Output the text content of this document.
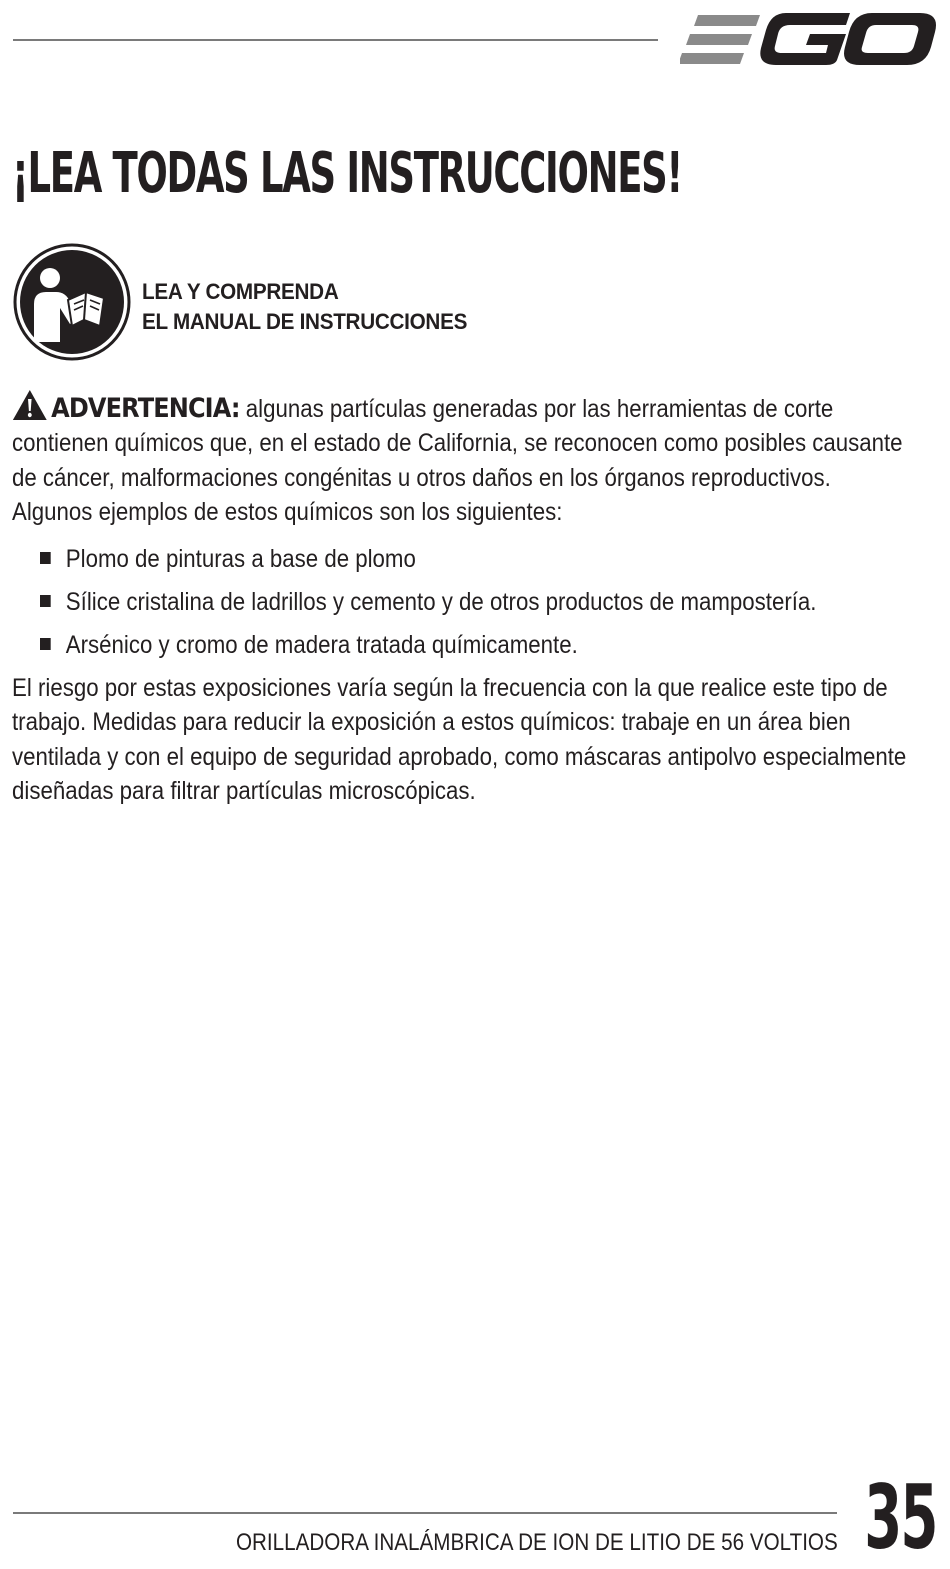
¡LEA TODAS LAS INSTRUCCIONES!

LEA Y COMPRENDA
EL MANUAL DE INSTRUCCIONES

ADVERTENCIA: algunas partículas generadas por las herramientas de corte contienen químicos que, en el estado de California, se reconocen como posibles causante de cáncer, malformaciones congénitas u otros daños en los órganos reproductivos. Algunos ejemplos de estos químicos son los siguientes:

Plomo de pinturas a base de plomo
Sílice cristalina de ladrillos y cemento y de otros productos de mampostería.
Arsénico y cromo de madera tratada químicamente.

El riesgo por estas exposiciones varía según la frecuencia con la que realice este tipo de trabajo. Medidas para reducir la exposición a estos químicos: trabaje en un área bien ventilada y con el equipo de seguridad aprobado, como máscaras antipolvo especialmente diseñadas para filtrar partículas microscópicas.

ORILLADORA INALÁMBRICA DE ION DE LITIO DE 56 VOLTIOS 35
